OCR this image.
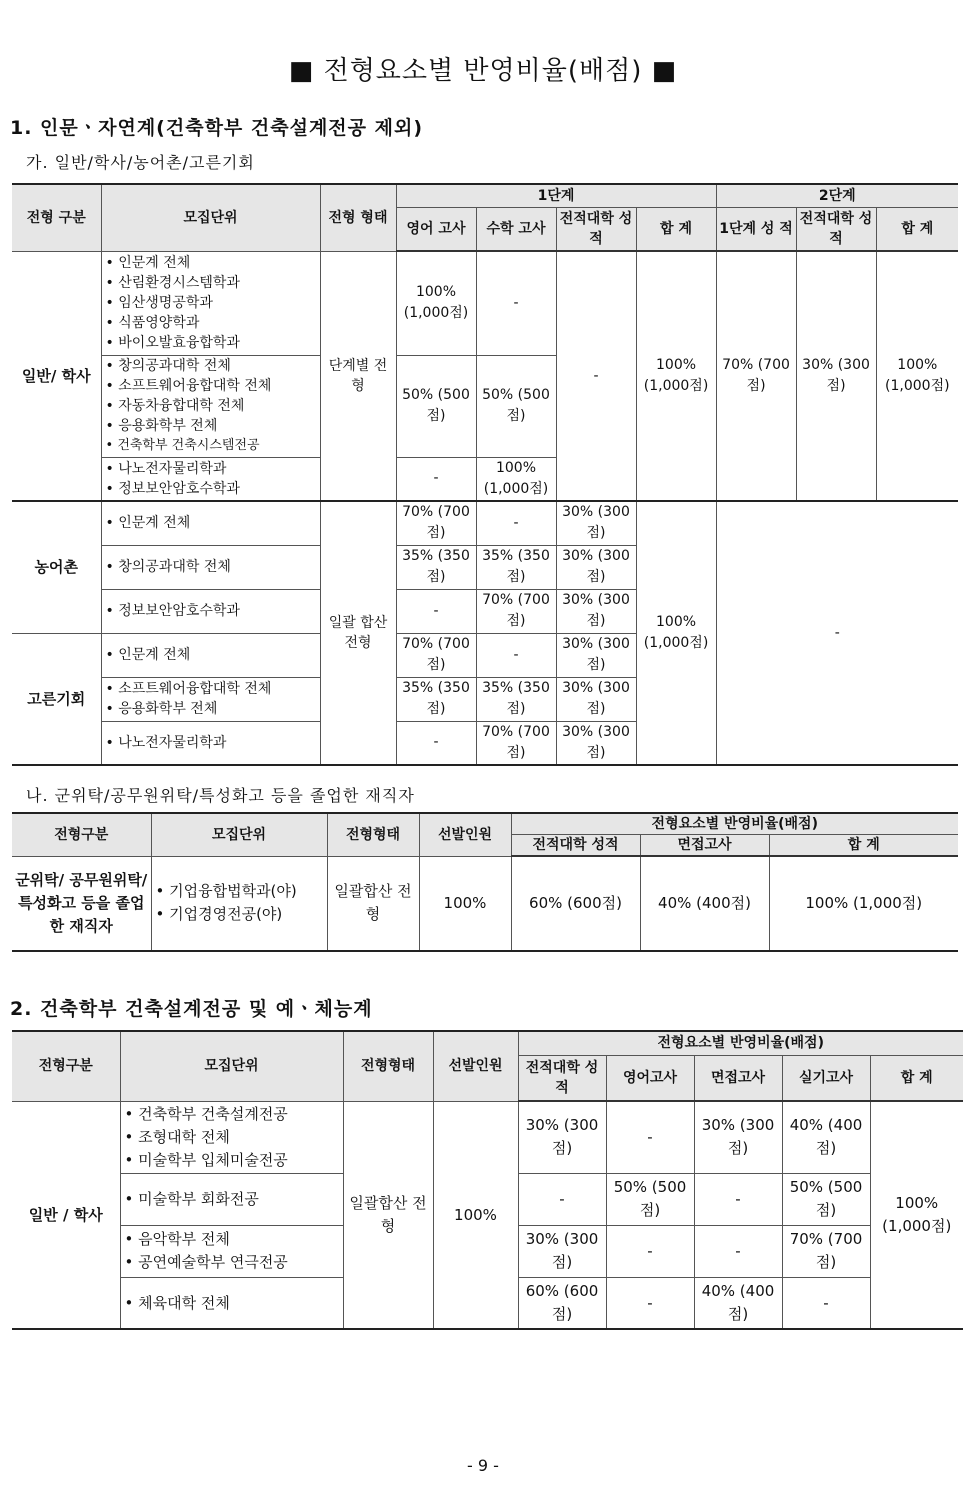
■ 전형요소별 반영비율(배점) ■
1. 인문ㆍ자연계(건축학부 건축설계전공 제외)
가. 일반/학사/농어촌/고른기회
전형 구분	모집단위	전형 형태	1단계				2단계		
			영어 고사	수학 고사	전적대학 성 적	합 계	1단계 성 적	전적대학 성 적	합 계
일반/ 학사	• 인문계 전체
• 산림환경시스템학과
• 임산생명공학과
• 식품영양학과
• 바이오발효융합학과	단계별 전형	100% (1,000점)	-	-	100% (1,000점)	70% (700점)	30% (300점)	100% (1,000점)

	• 창의공과대학 전체
• 소프트웨어융합대학 전체
• 자동차융합대학 전체
• 응용화학부 전체
• 건축학부 건축시스템전공		50% (500점)	50% (500점)					

	• 나노전자물리학과
• 정보보안암호수학과		-	100% (1,000점)					
농어촌	• 인문계 전체	일괄 합산 전형	70% (700점)	-	30% (300점)	100% (1,000점)	-		

	• 창의공과대학 전체		35% (350점)	35% (350점)	30% (300점)				

	• 정보보안암호수학과		-	70% (700점)	30% (300점)				
고른기회	• 인문계 전체		70% (700점)	-	30% (300점)				

	• 소프트웨어융합대학 전체
• 응용화학부 전체		35% (350점)	35% (350점)	30% (300점)				

	• 나노전자물리학과		-	70% (700점)	30% (300점)				
나. 군위탁/공무원위탁/특성화고 등을 졸업한 재직자
전형구분	모집단위	전형형태	선발인원	전형요소별 반영비율(배점)		
				전적대학 성적	면접고사	합 계
군위탁/ 공무원위탁/ 특성화고 등을 졸업한 재직자	• 기업융합법학과(야)
• 기업경영전공(야)	일괄합산 전형	100%	60% (600점)	40% (400점)	100% (1,000점)
2. 건축학부 건축설계전공 및 예ㆍ체능계
전형구분	모집단위	전형형태	선발인원	전형요소별 반영비율(배점)				
				전적대학 성 적	영어고사	면접고사	실기고사	합 계
일반 / 학사	• 건축학부 건축설계전공
• 조형대학 전체
• 미술학부 입체미술전공	일괄합산 전형	100%	30% (300점)	-	30% (300점)	40% (400점)	100% (1,000점)

	• 미술학부 회화전공			-	50% (500점)	-	50% (500점)	

	• 음악학부 전체
• 공연예술학부 연극전공			30% (300점)	-	-	70% (700점)	

	• 체육대학 전체			60% (600점)	-	40% (400점)	-	
- 9 -
